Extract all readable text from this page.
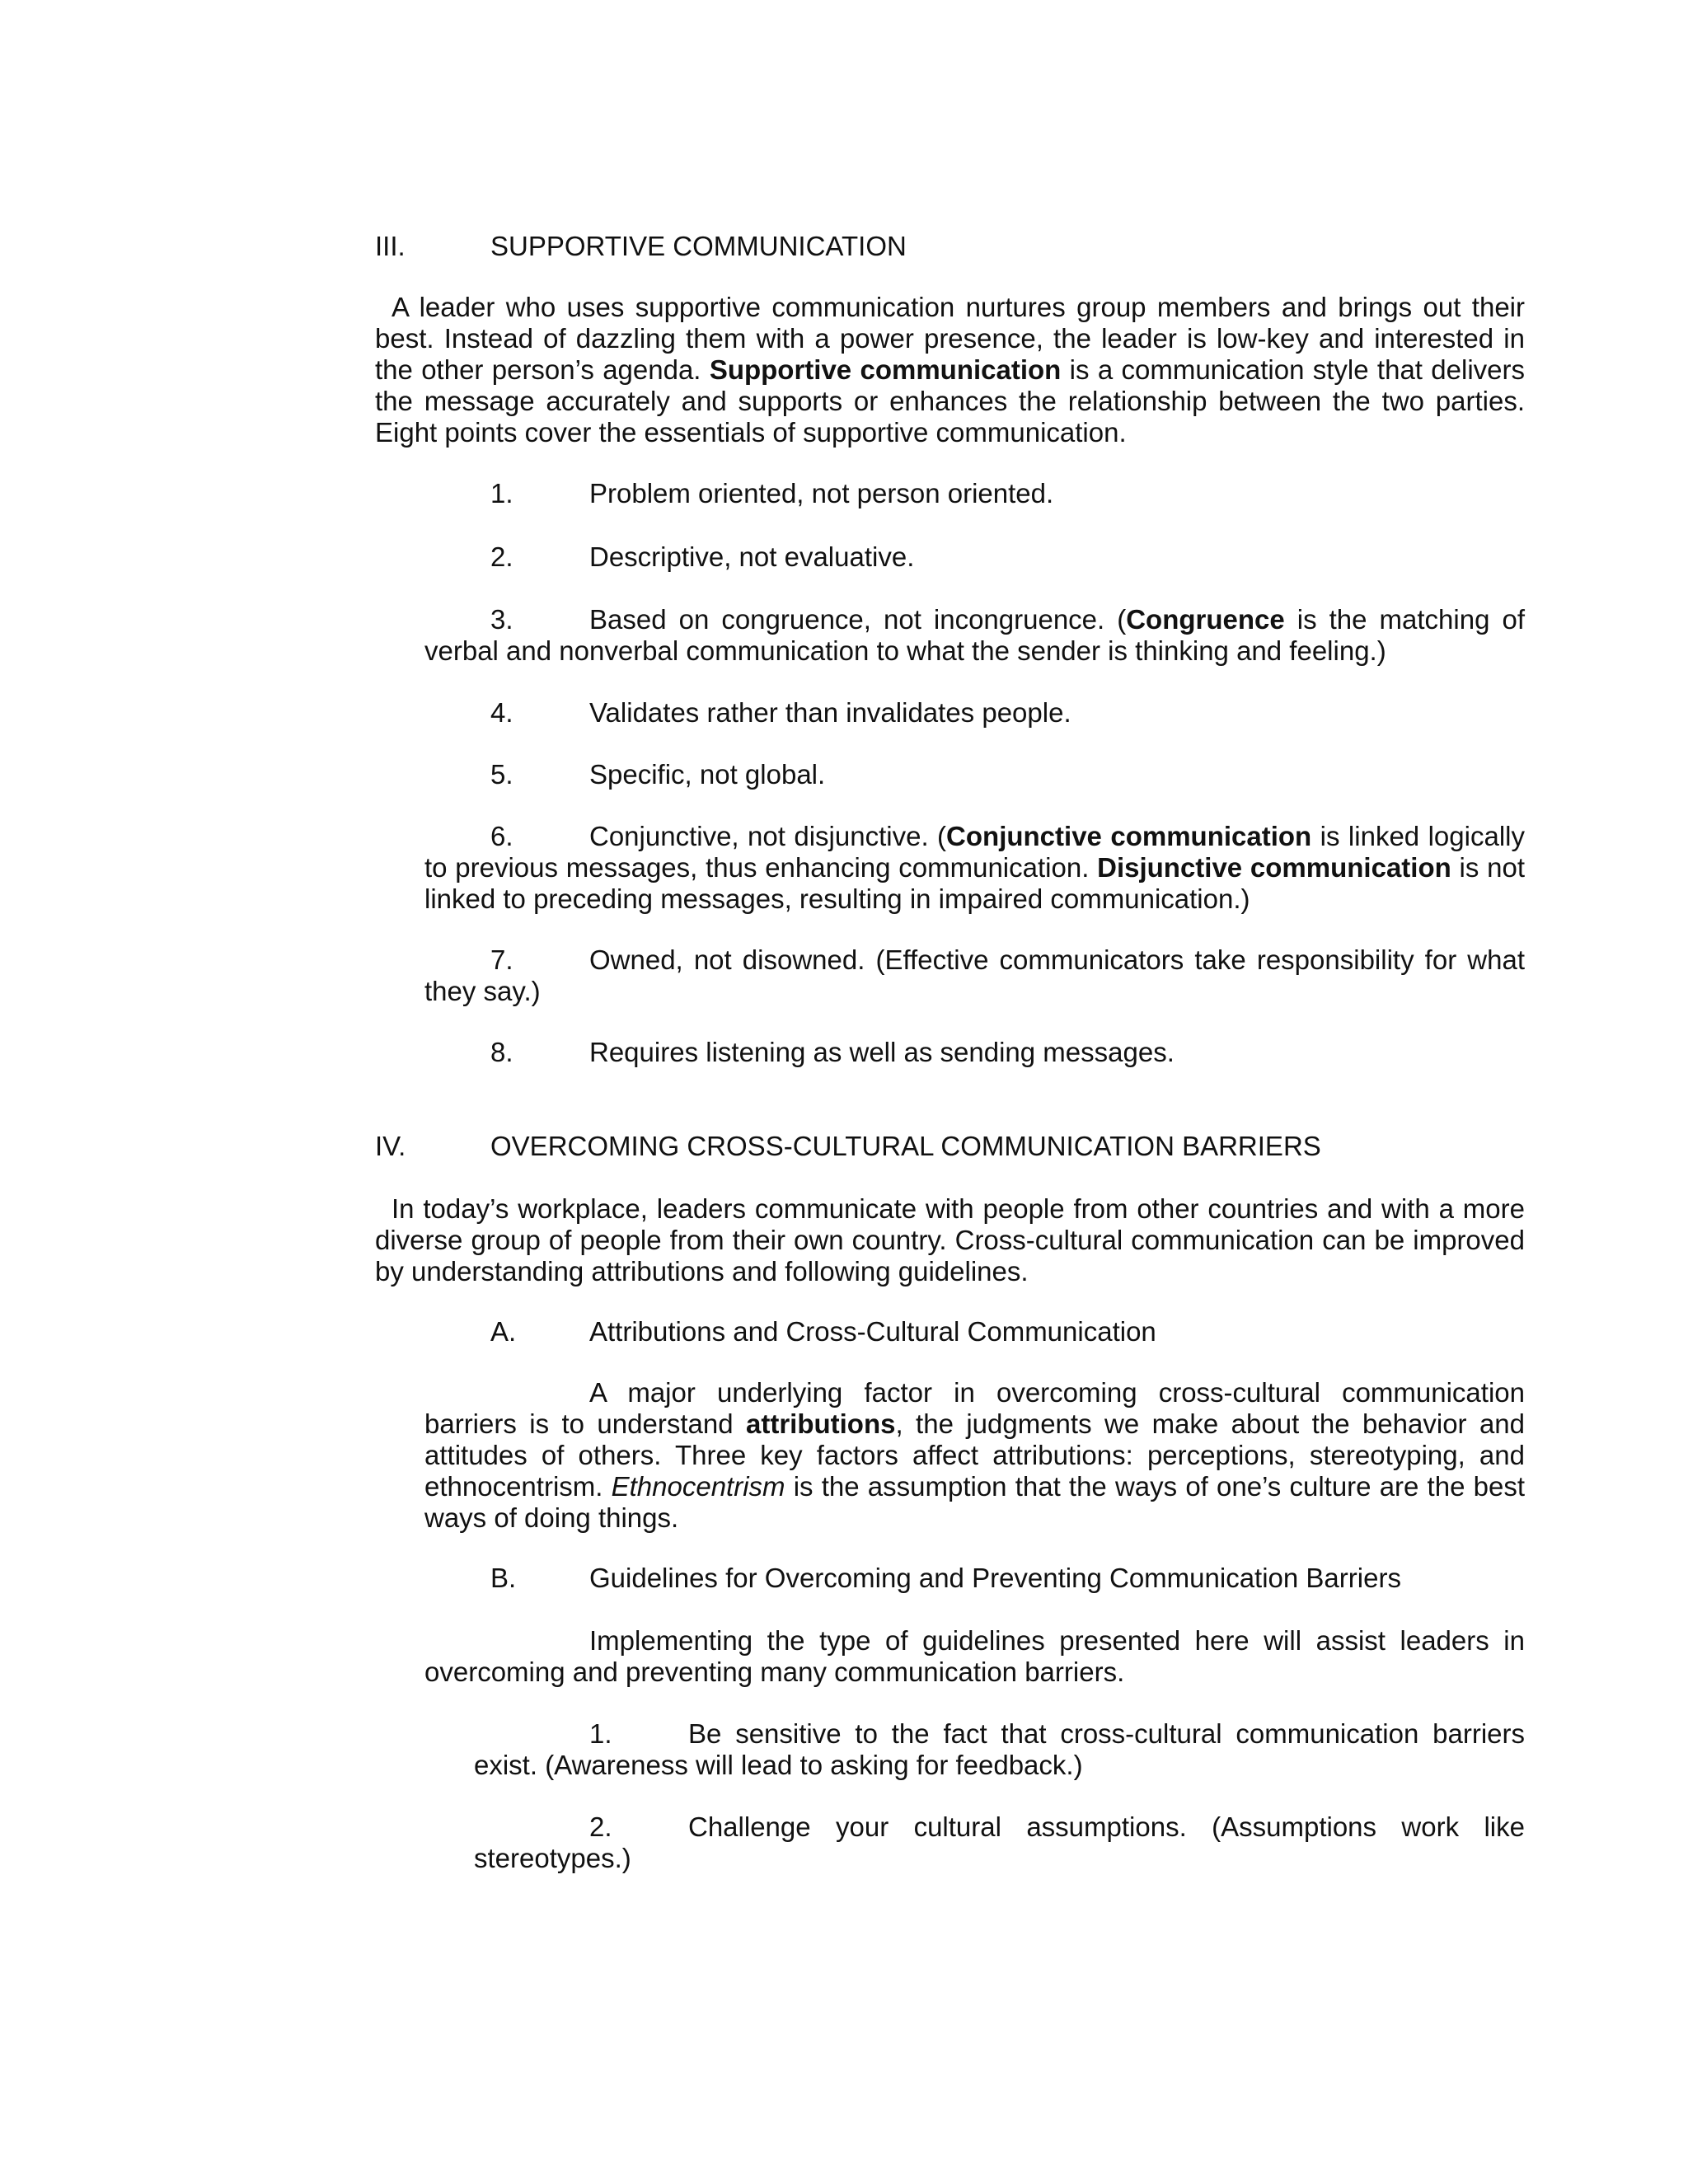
III.	SUPPORTIVE COMMUNICATION

A leader who uses supportive communication nurtures group members and brings out their best. Instead of dazzling them with a power presence, the leader is low-key and interested in the other person’s agenda. Supportive communication is a communication style that delivers the message accurately and supports or enhances the relationship between the two parties. Eight points cover the essentials of supportive communication.

1.	Problem oriented, not person oriented.

2.	Descriptive, not evaluative.

3.	Based on congruence, not incongruence. (Congruence is the matching of verbal and nonverbal communication to what the sender is thinking and feeling.)

4.	Validates rather than invalidates people.

5.	Specific, not global.

6.	Conjunctive, not disjunctive. (Conjunctive communication is linked logically to previous messages, thus enhancing communication. Disjunctive communication is not linked to preceding messages, resulting in impaired communication.)

7.	Owned, not disowned. (Effective communicators take responsibility for what they say.)

8.	Requires listening as well as sending messages.

IV.	OVERCOMING CROSS-CULTURAL COMMUNICATION BARRIERS

In today’s workplace, leaders communicate with people from other countries and with a more diverse group of people from their own country. Cross-cultural communication can be improved by understanding attributions and following guidelines.

A.	Attributions and Cross-Cultural Communication

A major underlying factor in overcoming cross-cultural communication barriers is to understand attributions, the judgments we make about the behavior and attitudes of others. Three key factors affect attributions: perceptions, stereotyping, and ethnocentrism. Ethnocentrism is the assumption that the ways of one’s culture are the best ways of doing things.

B.	Guidelines for Overcoming and Preventing Communication Barriers

Implementing the type of guidelines presented here will assist leaders in overcoming and preventing many communication barriers.

1.	Be sensitive to the fact that cross-cultural communication barriers exist. (Awareness will lead to asking for feedback.)

2.	Challenge your cultural assumptions. (Assumptions work like stereotypes.)
